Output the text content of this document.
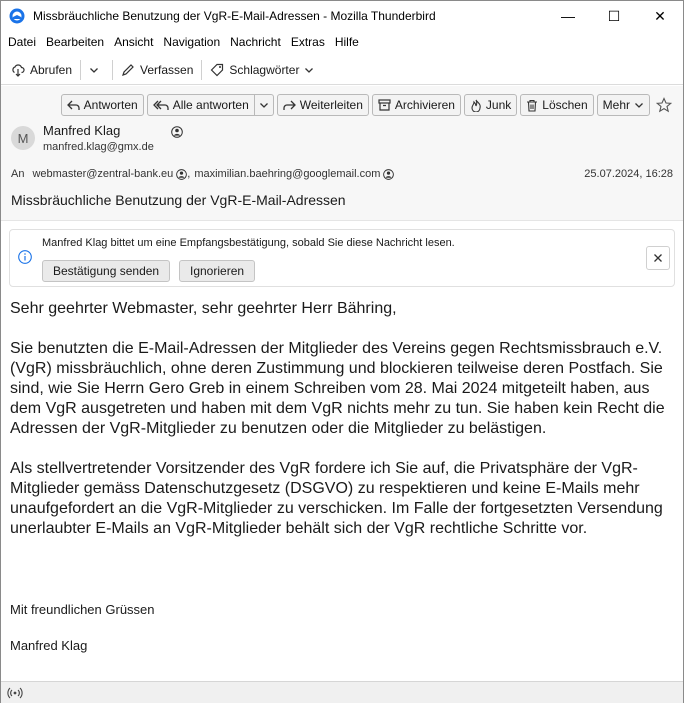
Missbräuchliche Benutzung der VgR-E-Mail-Adressen - Mozilla Thunderbird	—	☐	✕
Datei Bearbeiten Ansicht Navigation Nachricht Extras Hilfe
Abrufen	Verfassen	Schlagwörter
Antworten	Alle antworten	Weiterleiten	Archivieren	Junk	Löschen Mehr
M	Manfred Klag
manfred.klag@gmx.de
An webmaster@zentral-bank.eu , maximilian.baehring@googlemail.com	25.07.2024, 16:28
Missbräuchliche Benutzung der VgR-E-Mail-Adressen
Manfred Klag bittet um eine Empfangsbestätigung, sobald Sie diese Nachricht lesen.
Bestätigung senden	Ignorieren

Sehr geehrter Webmaster, sehr geehrter Herr Bähring,

Sie benutzten die E-Mail-Adressen der Mitglieder des Vereins gegen Rechtsmissbrauch e.V. (VgR) missbräuchlich, ohne deren Zustimmung und blockieren teilweise deren Postfach. Sie sind, wie Sie Herrn Gero Greb in einem Schreiben vom 28. Mai 2024 mitgeteilt haben, aus dem VgR ausgetreten und haben mit dem VgR nichts mehr zu tun. Sie haben kein Recht die Adressen der VgR-Mitglieder zu benutzen oder die Mitglieder zu belästigen.

Als stellvertretender Vorsitzender des VgR fordere ich Sie auf, die Privatsphäre der VgR-Mitglieder gemäss Datenschutzgesetz (DSGVO) zu respektieren und keine E-Mails mehr unaufgefordert an die VgR-Mitglieder zu verschicken. Im Falle der fortgesetzten Versendung unerlaubter E-Mails an VgR-Mitglieder behält sich der VgR rechtliche Schritte vor.

Mit freundlichen Grüssen
Manfred Klag
